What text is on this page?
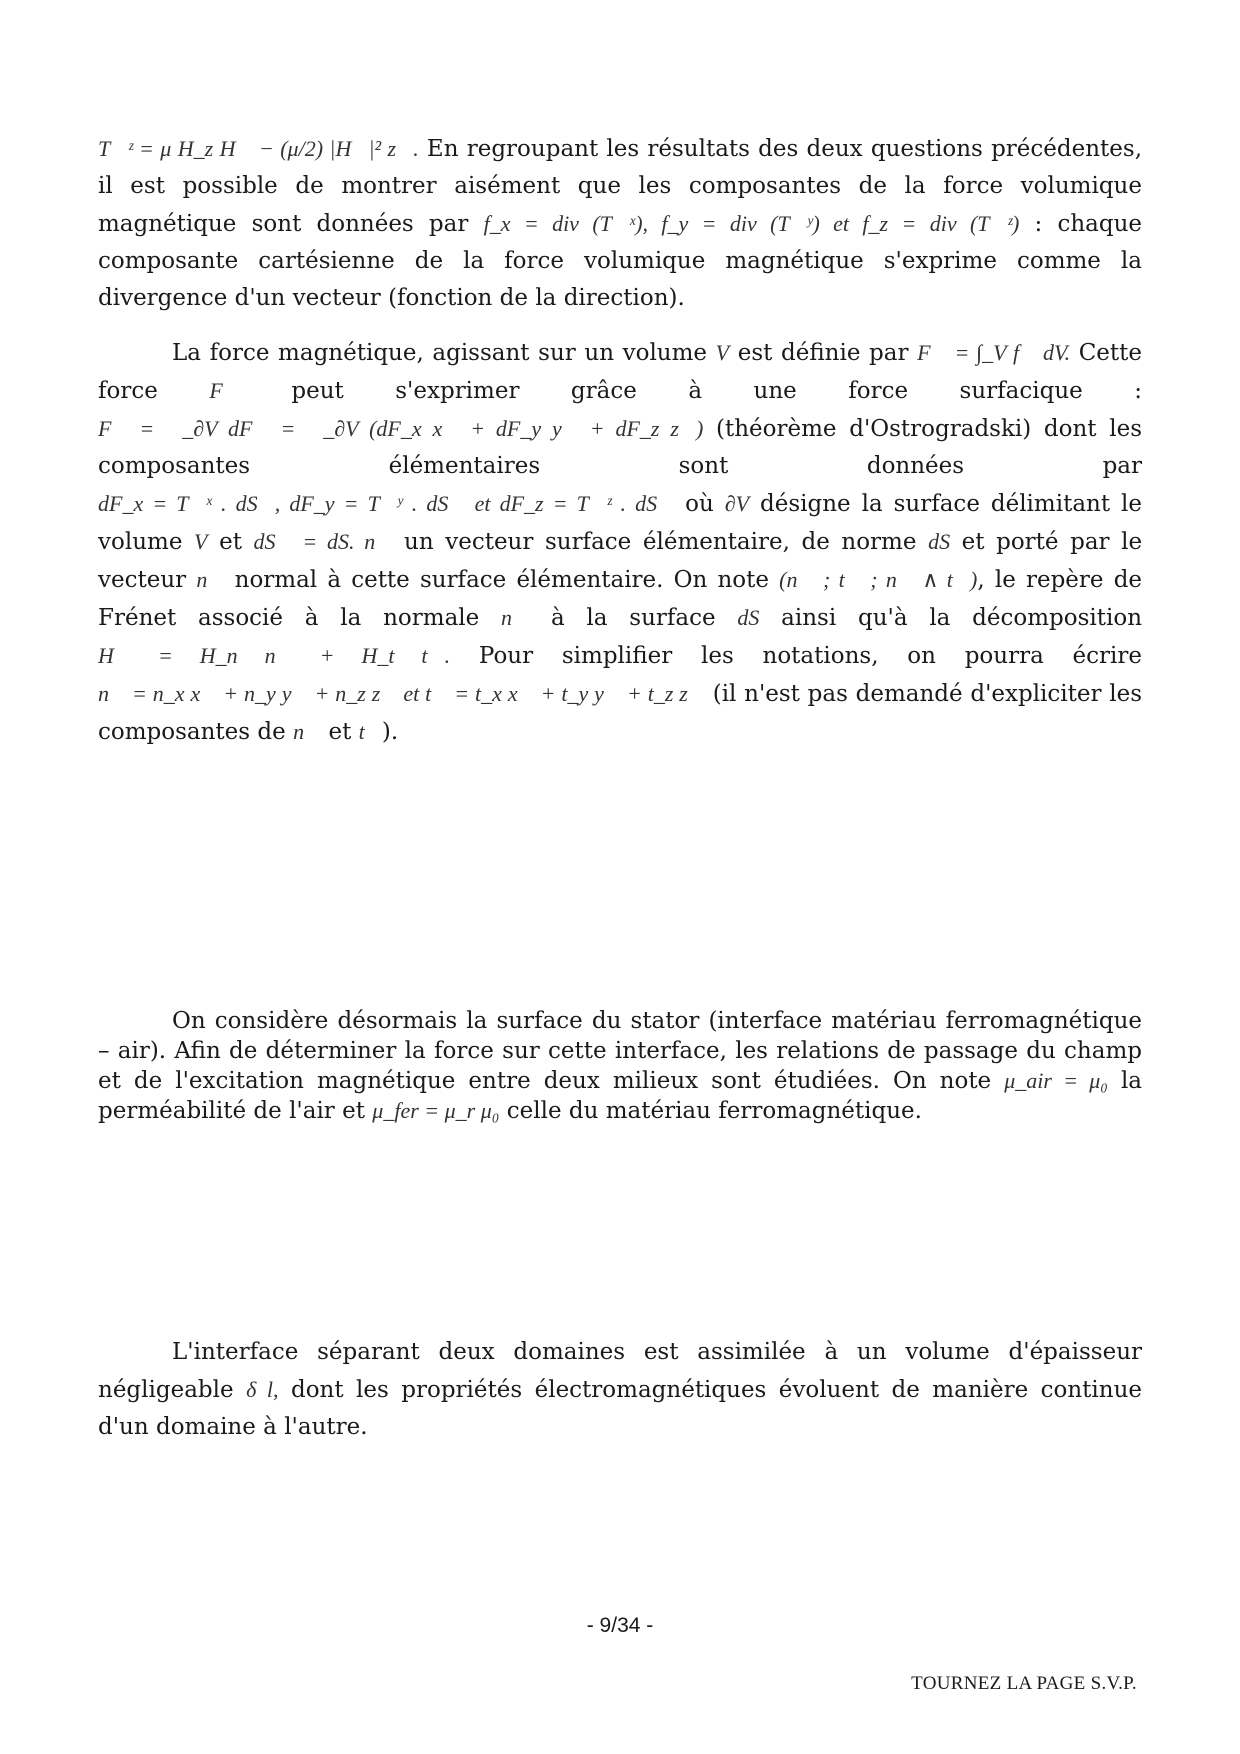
T⃗ᶻ = μ H_z H⃗ − (μ/2) |H⃗|² z⃗. En regroupant les résultats des deux questions précédentes, il est possible de montrer aisément que les composantes de la force volumique magnétique sont données par f_x = div (T⃗ˣ), f_y = div (T⃗ʸ) et f_z = div (T⃗ᶻ) : chaque composante cartésienne de la force volumique magnétique s'exprime comme la divergence d'un vecteur (fonction de la direction).
La force magnétique, agissant sur un volume V est définie par F⃗ = ∫_V f⃗ dV. Cette force F⃗ peut s'exprimer grâce à une force surfacique : F⃗ = ∮_∂V dF⃗ = ∮_∂V (dF_x x⃗ + dF_y y⃗ + dF_z z⃗) (théorème d'Ostrogradski) dont les composantes élémentaires sont données par dF_x = T⃗ˣ . dS⃗, dF_y = T⃗ʸ . dS⃗ et dF_z = T⃗ᶻ . dS⃗ où ∂V désigne la surface délimitant le volume V et dS⃗ = dS. n⃗ un vecteur surface élémentaire, de norme dS et porté par le vecteur n⃗ normal à cette surface élémentaire. On note (n⃗ ; t⃗ ; n⃗ ∧ t⃗), le repère de Frénet associé à la normale n⃗ à la surface dS ainsi qu'à la décomposition H⃗ = H_n n⃗ + H_t t⃗. Pour simplifier les notations, on pourra écrire n⃗ = n_x x⃗ + n_y y⃗ + n_z z⃗ et t⃗ = t_x x⃗ + t_y y⃗ + t_z z⃗ (il n'est pas demandé d'expliciter les composantes de n⃗ et t⃗).
On considère désormais la surface du stator (interface matériau ferromagnétique – air). Afin de déterminer la force sur cette interface, les relations de passage du champ et de l'excitation magnétique entre deux milieux sont étudiées. On note μ_air = μ₀ la perméabilité de l'air et μ_fer = μ_r μ₀ celle du matériau ferromagnétique.
L'interface séparant deux domaines est assimilée à un volume d'épaisseur négligeable δ l, dont les propriétés électromagnétiques évoluent de manière continue d'un domaine à l'autre.
- 9/34 -
TOURNEZ LA PAGE S.V.P.
